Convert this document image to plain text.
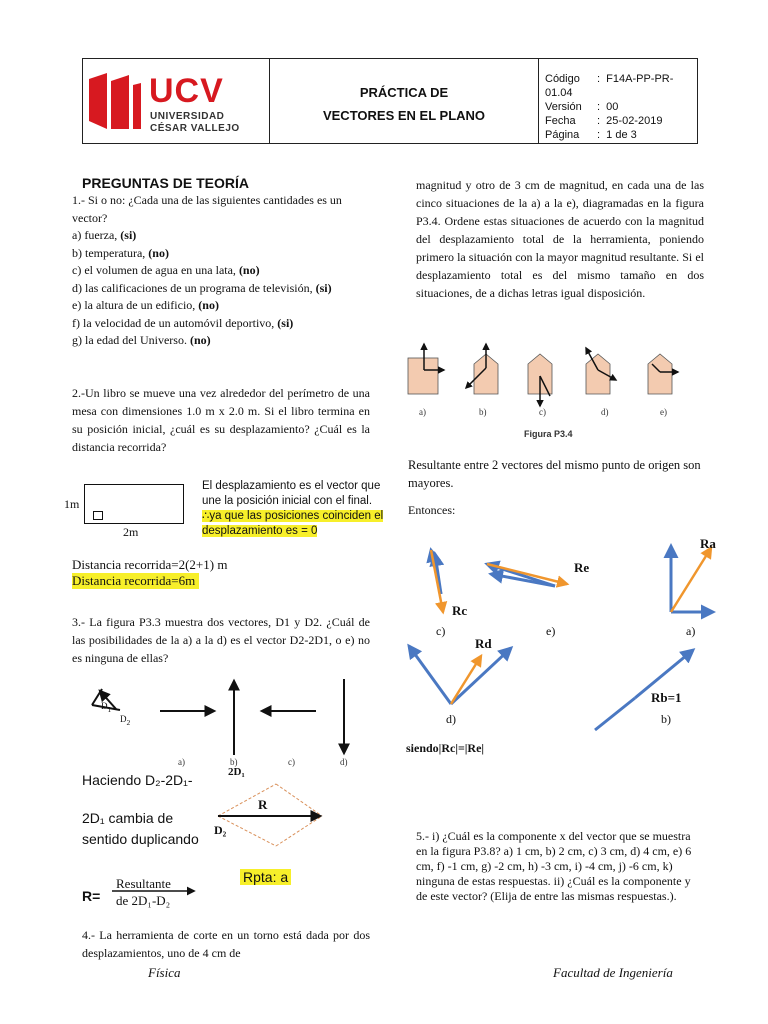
UCV
UNIVERSIDAD
CÉSAR VALLEJO
PRÁCTICA DE
VECTORES EN EL PLANO
Código :  F14A-PP-PR-01.04
Versión :  00
Fecha :  25-02-2019
Página :  1 de 3
PREGUNTAS DE TEORÍA
1.- Si o no: ¿Cada una de las siguientes cantidades es un vector?
a) fuerza, (si)
b) temperatura, (no)
c) el volumen de agua en una lata, (no)
d) las calificaciones de un programa de televisión, (si)
e) la altura de un edificio, (no)
f) la velocidad de un automóvil deportivo, (si)
g) la edad del Universo. (no)
2.-Un libro se mueve una vez alrededor del perímetro de una mesa con dimensiones 1.0 m x 2.0 m. Si el libro termina en su posición inicial, ¿cuál es su desplazamiento? ¿Cuál es la distancia recorrida?
1m
2m
El desplazamiento es el vector que une la posición inicial con el final.
∴ya que las posiciones coinciden el desplazamiento es = 0
Distancia recorrida=2(2+1) m
Distancia recorrida=6m
3.- La figura P3.3 muestra dos vectores, D1 y D2. ¿Cuál de las posibilidades de la a) a la d) es el vector D2-2D1, o e) no es ninguna de ellas?
$D_1$
$D_2$
a)	b)	c)	d)
Haciendo D₂-2D₁-	2D₁
2D₁ cambia de
sentido duplicando
R
D₂
Rpta: a
R=
Resultante
de 2D₁-D₂
4.- La herramienta de corte en un torno está dada por dos desplazamientos, uno de 4 cm de
magnitud y otro de 3 cm de magnitud, en cada una de las cinco situaciones de la a) a la e), diagramadas en la figura P3.4. Ordene estas situaciones de acuerdo con la magnitud del desplazamiento total de la herramienta, poniendo primero la situación con la mayor magnitud resultante. Si el desplazamiento total es del mismo tamaño en dos situaciones, de a dichas letras igual disposición.
a)	b)	c)	d)	e)
Figura P3.4
Resultante entre 2 vectores del mismo punto de origen son mayores.
Entonces:
Ra
Re
Rc
Rd
Rb=1
c)	e)	a)
d)	b)
siendo|Rc|=|Re|
5.- i) ¿Cuál es la componente x del vector que se muestra en la figura P3.8? a) 1 cm, b) 2 cm, c) 3 cm, d) 4 cm, e) 6 cm, f) -1 cm, g) -2 cm, h) -3 cm, i) -4 cm, j) -6 cm, k) ninguna de estas respuestas. ii) ¿Cuál es la componente y de este vector? (Elija de entre las mismas respuestas.).
Física	Facultad de Ingeniería
